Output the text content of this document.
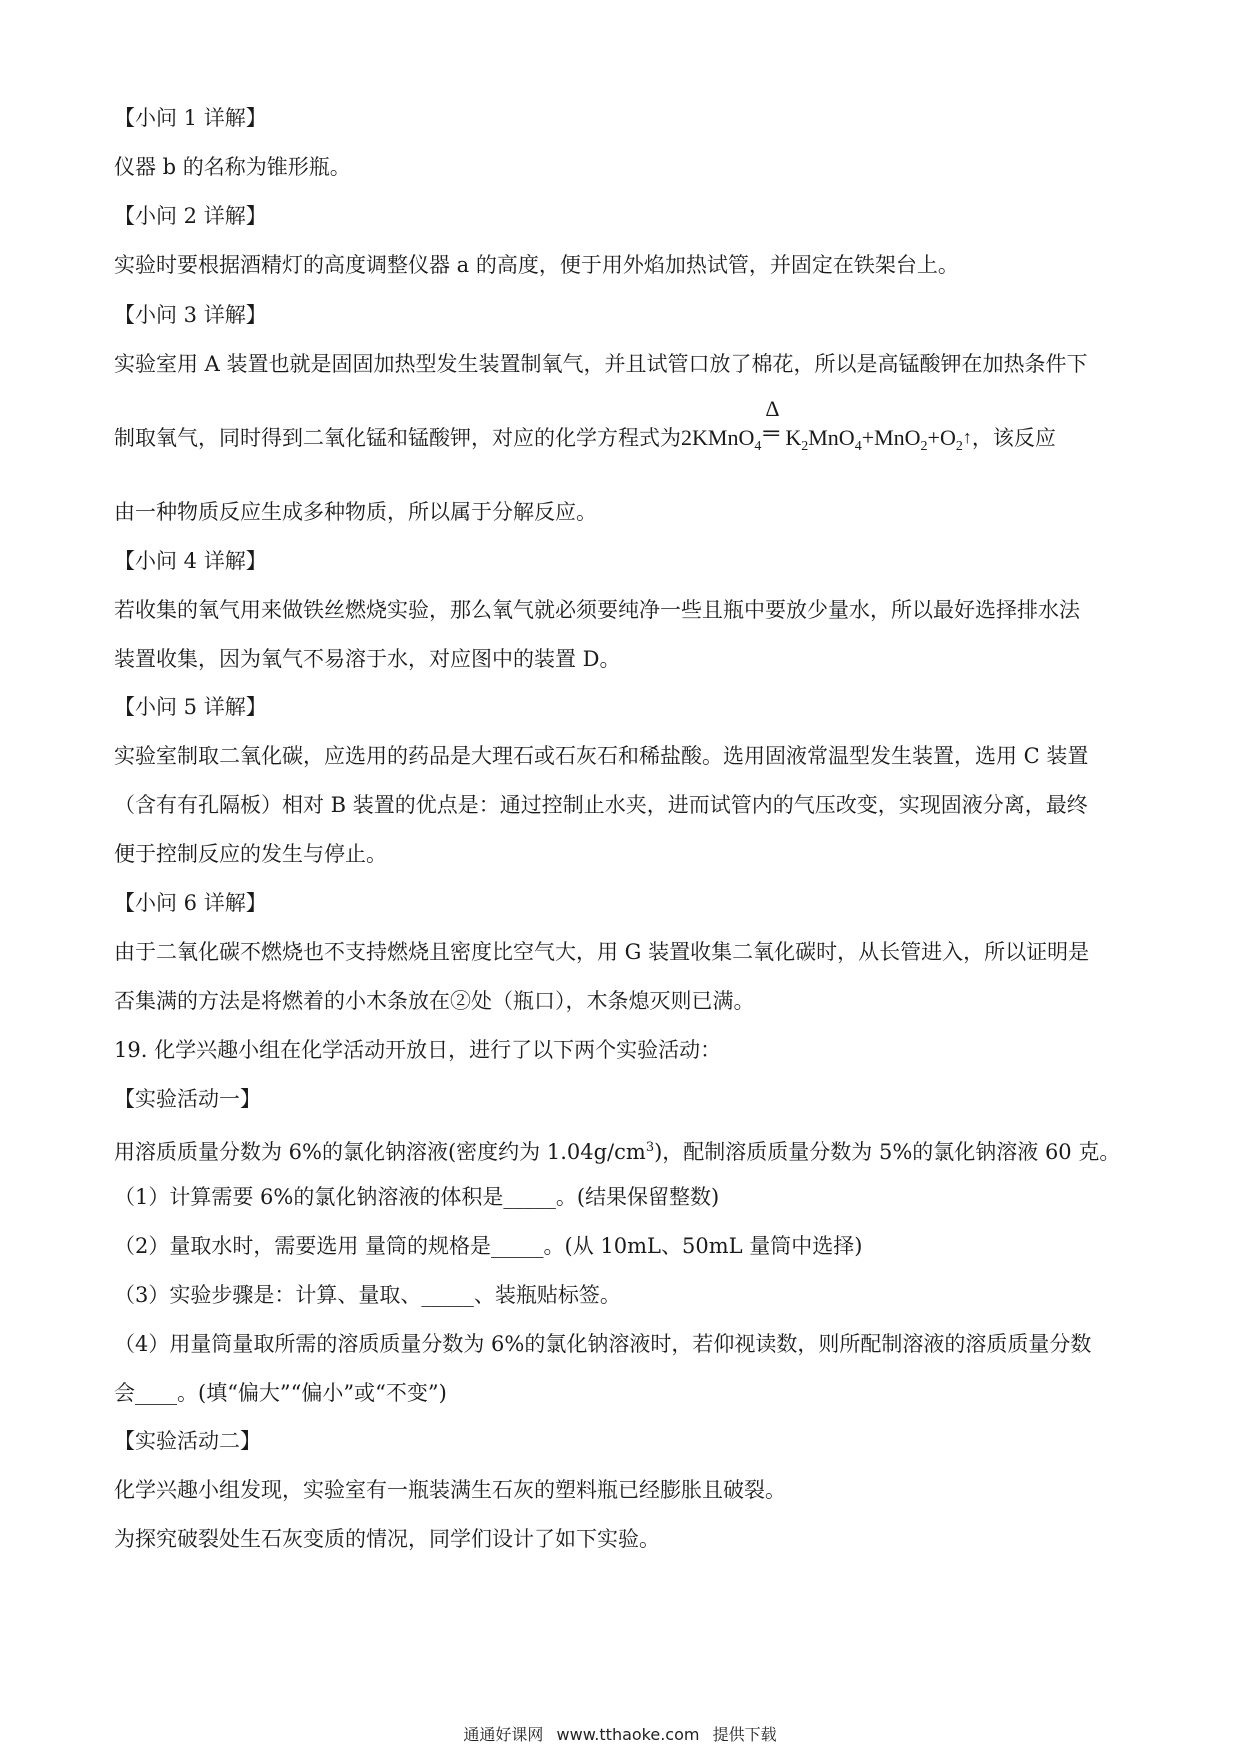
【小问 1 详解】
仪器 b 的名称为锥形瓶。
【小问 2 详解】
实验时要根据酒精灯的高度调整仪器 a 的高度，便于用外焰加热试管，并固定在铁架台上。
【小问 3 详解】
实验室用 A 装置也就是固固加热型发生装置制氧气，并且试管口放了棉花，所以是高锰酸钾在加热条件下
制取氧气，同时得到二氧化锰和锰酸钾，对应的化学方程式为2KMnO$_4$
Δ
═ $K_2MnO_4+MnO_2+O_2↑$，该反应
由一种物质反应生成多种物质，所以属于分解反应。
【小问 4 详解】
若收集的氧气用来做铁丝燃烧实验，那么氧气就必须要纯净一些且瓶中要放少量水，所以最好选择排水法
装置收集，因为氧气不易溶于水，对应图中的装置 D。
【小问 5 详解】
实验室制取二氧化碳，应选用的药品是大理石或石灰石和稀盐酸。选用固液常温型发生装置，选用 C 装置
（含有有孔隔板）相对 B 装置的优点是：通过控制止水夹，进而试管内的气压改变，实现固液分离，最终
便于控制反应的发生与停止。
【小问 6 详解】
由于二氧化碳不燃烧也不支持燃烧且密度比空气大，用 G 装置收集二氧化碳时，从长管进入，所以证明是
否集满的方法是将燃着的小木条放在②处（瓶口），木条熄灭则已满。
19. 化学兴趣小组在化学活动开放日，进行了以下两个实验活动：
【实验活动一】
用溶质质量分数为 6%的氯化钠溶液(密度约为 $1.04g/cm^3$)，配制溶质质量分数为 5%的氯化钠溶液 60 克。
（1）计算需要 6%的氯化钠溶液的体积是_____。(结果保留整数)
（2）量取水时，需要选用 量筒的规格是_____。(从 10mL、50mL 量筒中选择)
（3）实验步骤是：计算、量取、_____、装瓶贴标签。
（4）用量筒量取所需的溶质质量分数为 6%的氯化钠溶液时，若仰视读数，则所配制溶液的溶质质量分数
会____。(填“偏大”“偏小”或“不变”)
【实验活动二】
化学兴趣小组发现，实验室有一瓶装满生石灰的塑料瓶已经膨胀且破裂。
为探究破裂处生石灰变质的情况，同学们设计了如下实验。
通通好课网 www.tthaoke.com 提供下载
